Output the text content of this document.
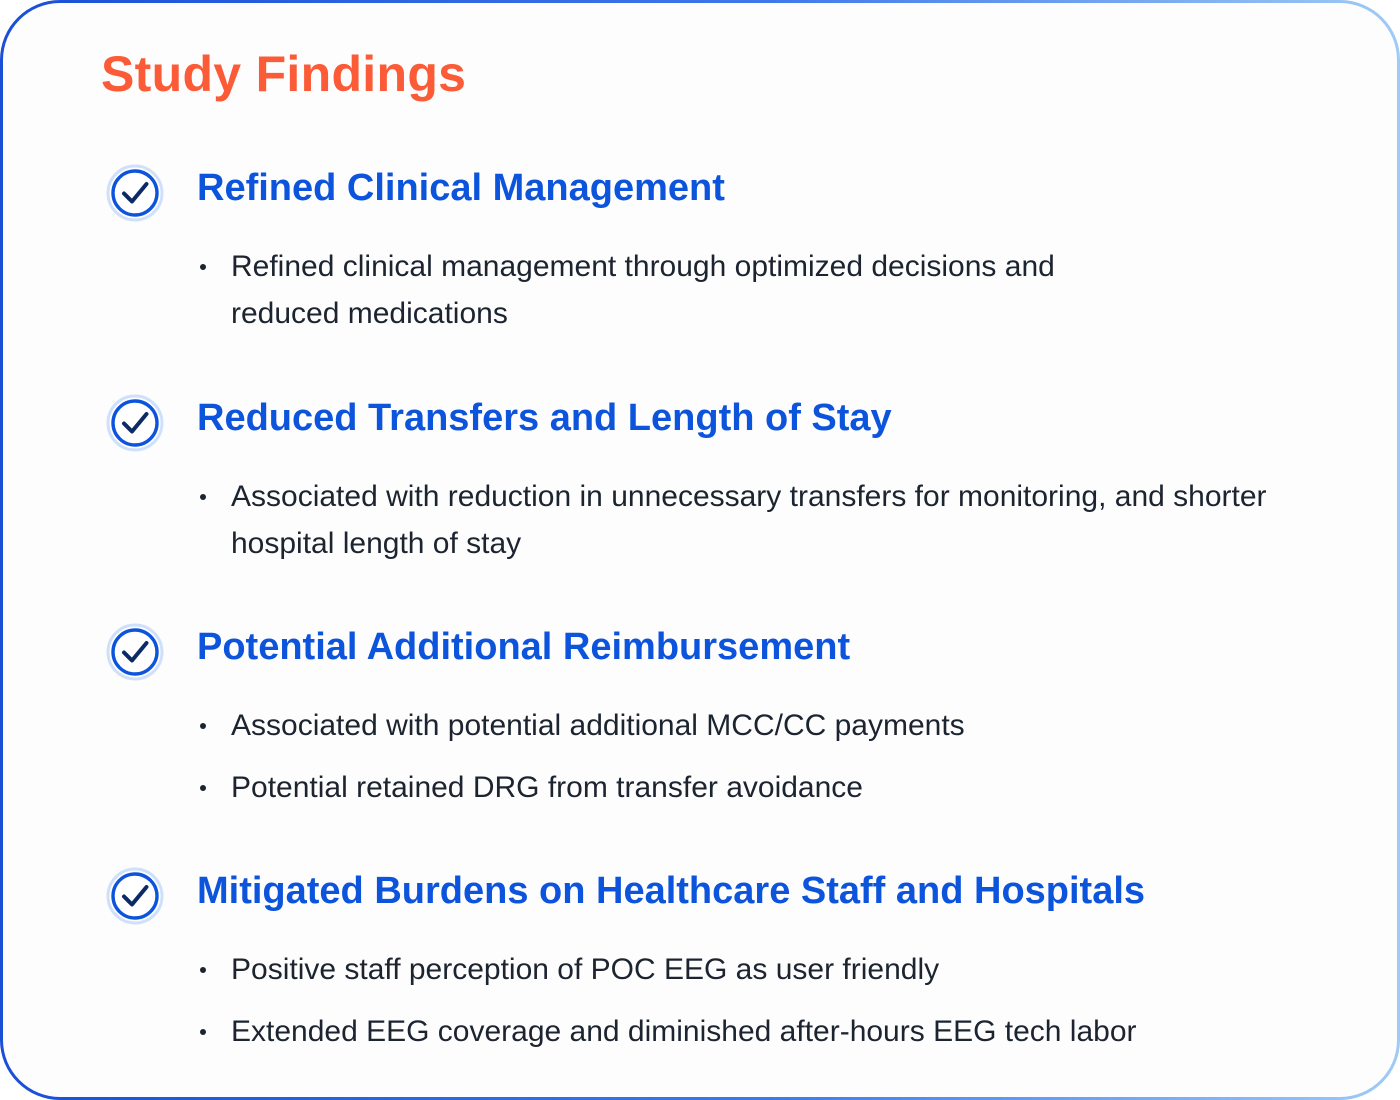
Study Findings
Refined Clinical Management
Refined clinical management through optimized decisions and reduced medications
Reduced Transfers and Length of Stay
Associated with reduction in unnecessary transfers for monitoring, and shorter hospital length of stay
Potential Additional Reimbursement
Associated with potential additional MCC/CC payments
Potential retained DRG from transfer avoidance
Mitigated Burdens on Healthcare Staff and Hospitals
Positive staff perception of POC EEG as user friendly
Extended EEG coverage and diminished after-hours EEG tech labor
